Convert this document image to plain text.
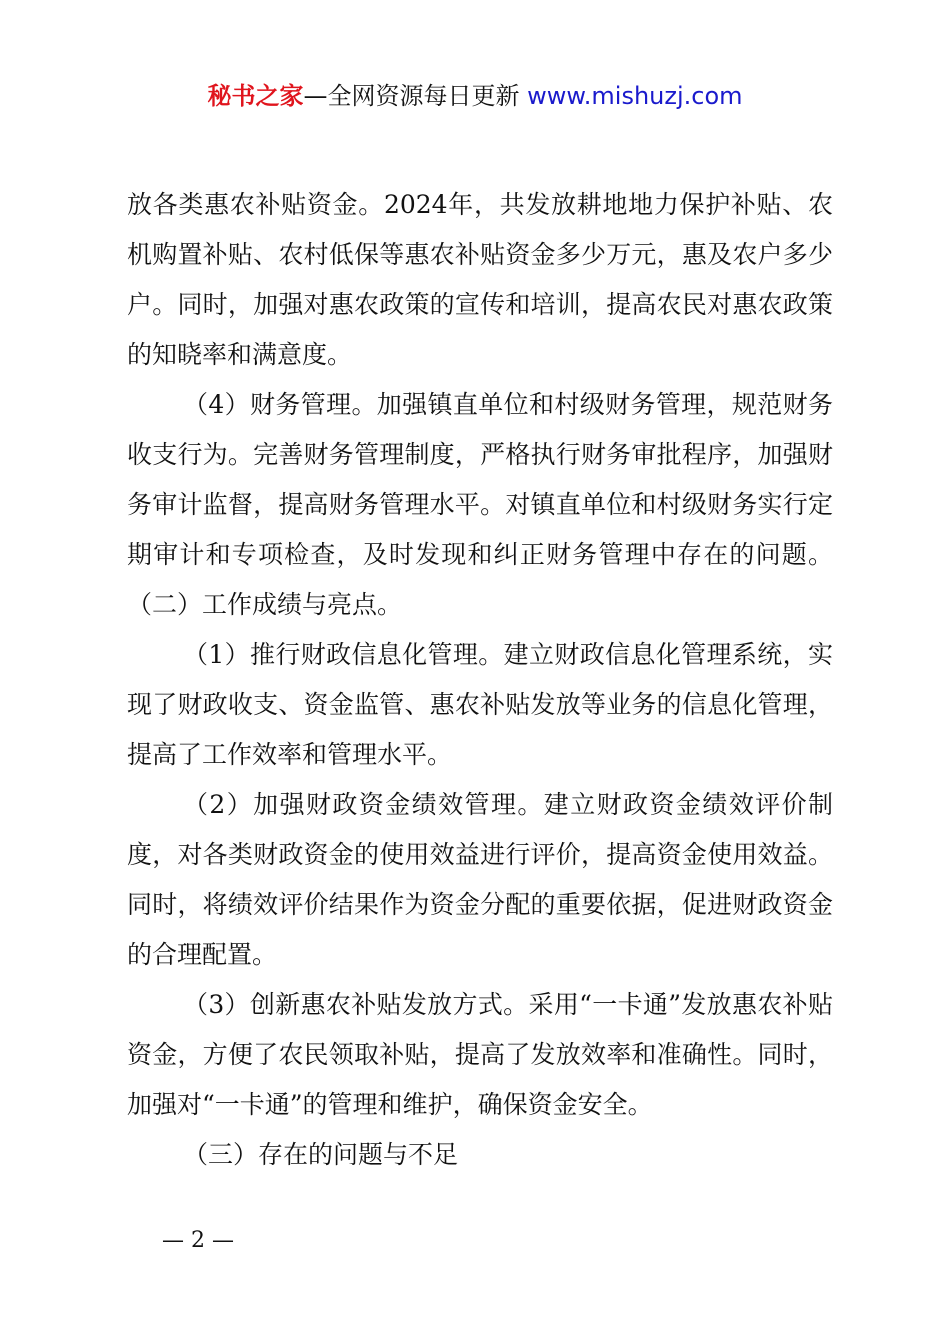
秘书之家—全网资源每日更新 www.mishuzj.com

放各类惠农补贴资金。2024年，共发放耕地地力保护补贴、农机购置补贴、农村低保等惠农补贴资金多少万元，惠及农户多少户。同时，加强对惠农政策的宣传和培训，提高农民对惠农政策的知晓率和满意度。

（4）财务管理。加强镇直单位和村级财务管理，规范财务收支行为。完善财务管理制度，严格执行财务审批程序，加强财务审计监督，提高财务管理水平。对镇直单位和村级财务实行定期审计和专项检查，及时发现和纠正财务管理中存在的问题。（二）工作成绩与亮点。

（1）推行财政信息化管理。建立财政信息化管理系统，实现了财政收支、资金监管、惠农补贴发放等业务的信息化管理，提高了工作效率和管理水平。

（2）加强财政资金绩效管理。建立财政资金绩效评价制度，对各类财政资金的使用效益进行评价，提高资金使用效益。同时，将绩效评价结果作为资金分配的重要依据，促进财政资金的合理配置。

（3）创新惠农补贴发放方式。采用“一卡通”发放惠农补贴资金，方便了农民领取补贴，提高了发放效率和准确性。同时，加强对“一卡通”的管理和维护，确保资金安全。

（三）存在的问题与不足

— 2 —
